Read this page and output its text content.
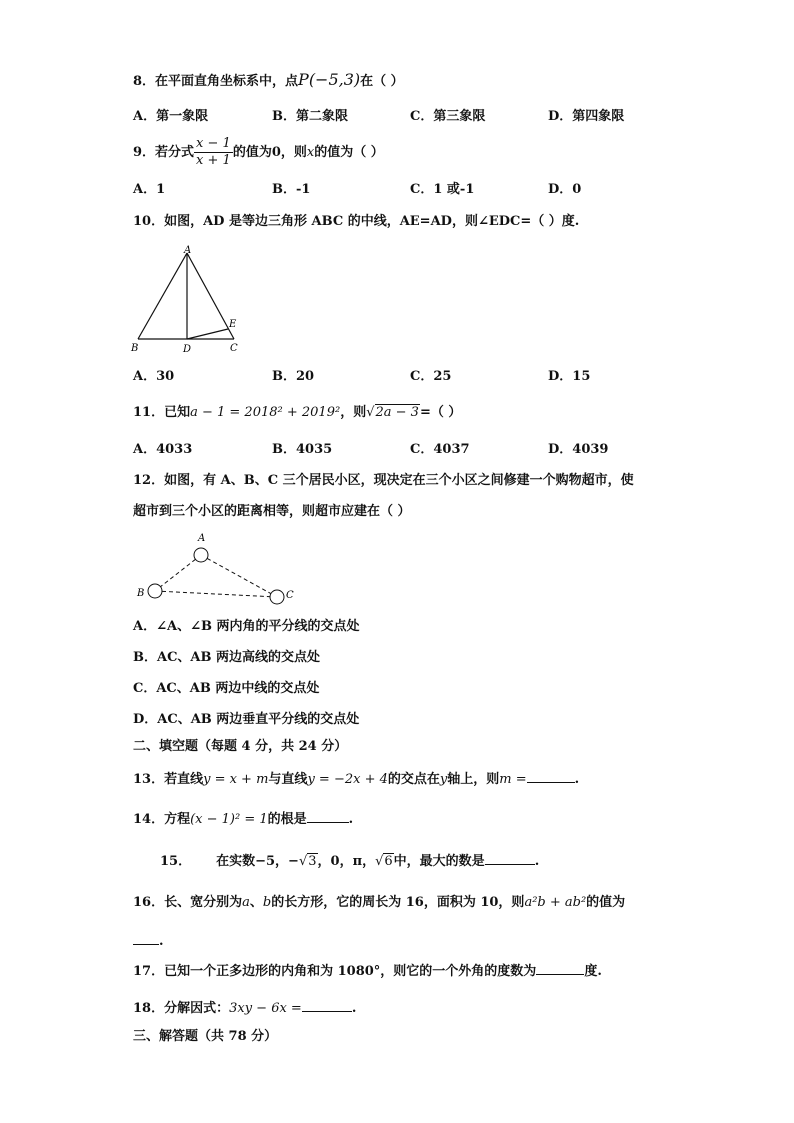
8．在平面直角坐标系中，点P(−5,3)在（ ）
A．第一象限	B．第二象限	C．第三象限	D．第四象限
9．若分式 $\frac{x - 1}{x + 1}$ 的值为0，则x的值为（ ）
A．1	B．-1	C．1 或-1	D．0
10．如图，AD 是等边三角形 ABC 的中线，AE=AD，则∠EDC=（ ）度.
A
B	C
D
E
A．30	B．20	C．25	D．15
11．已知a − 1 = 2018² + 2019²，则√2a − 3=（ ）
A．4033	B．4035	C．4037	D．4039
12．如图，有 A、B、C 三个居民小区，现决定在三个小区之间修建一个购物超市，使
超市到三个小区的距离相等，则超市应建在（ ）
A
B	C
A．∠A、∠B 两内角的平分线的交点处
B．AC、AB 两边高线的交点处
C．AC、AB 两边中线的交点处
D．AC、AB 两边垂直平分线的交点处
二、填空题（每题 4 分，共 24 分）
13．若直线y = x + m与直线y = −2x + 4的交点在y轴上，则m =	.
14．方程(x − 1)² = 1的根是	.
15． 在实数−5，−√3，0，π，√6中，最大的数是	.
16．长、宽分别为a、b的长方形，它的周长为 16，面积为 10，则a²b + ab²的值为
.
17．已知一个正多边形的内角和为 1080°，则它的一个外角的度数为	度.
18．分解因式：3xy − 6x =	.
三、解答题（共 78 分）
